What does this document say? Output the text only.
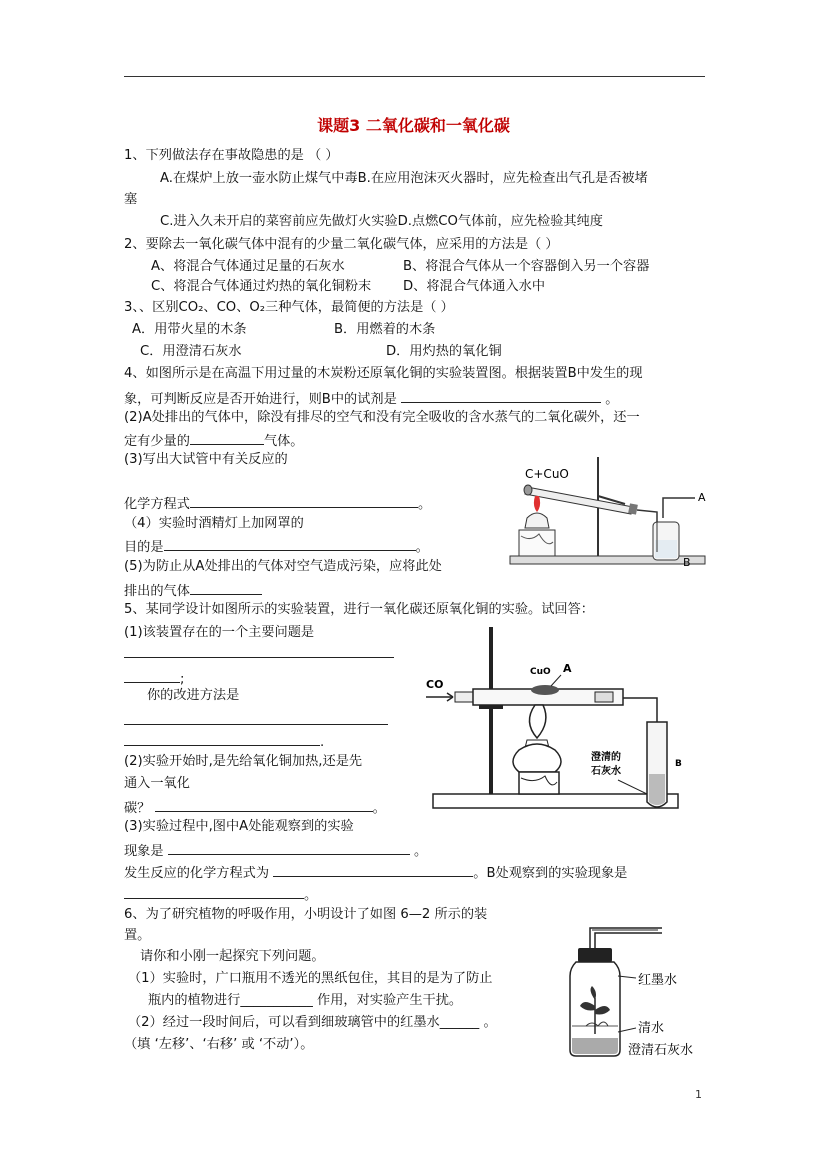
课题3 二氧化碳和一氧化碳
1、下列做法存在事故隐患的是 （ ）
A.在煤炉上放一壶水防止煤气中毒B.在应用泡沫灭火器时，应先检查出气孔是否被堵
塞
C.进入久未开启的菜窖前应先做灯火实验D.点燃CO气体前，应先检验其纯度
2、要除去一氧化碳气体中混有的少量二氧化碳气体，应采用的方法是（ ）
A、将混合气体通过足量的石灰水	B、将混合气体从一个容器倒入另一个容器
C、将混合气体通过灼热的氧化铜粉末 D、将混合气体通入水中
3、、区别CO₂、CO、O₂三种气体，最简便的方法是（ ）
A．用带火星的木条	B．用燃着的木条
C．用澄清石灰水	D．用灼热的氧化铜
4、如图所示是在高温下用过量的木炭粉还原氧化铜的实验装置图。根据装置B中发生的现
象，可判断反应是否开始进行，则B中的试剂是	。
(2)A处排出的气体中，除没有排尽的空气和没有完全吸收的含水蒸气的二氧化碳外，还一
定有少量的	气体。
(3)写出大试管中有关反应的
化学方程式	。
（4）实验时酒精灯上加网罩的
目的是	。
(5)为防止从A处排出的气体对空气造成污染，应将此处
排出的气体
C+CuO
A
B
5、某同学设计如图所示的实验装置，进行一氧化碳还原氧化铜的实验。试回答：
(1)该装置存在的一个主要问题是
;
你的改进方法是
.
(2)实验开始时,是先给氧化铜加热,还是先
通入一氧化
碳？	。
(3)实验过程中,图中A处能观察到的实验
现象是	。
发生反应的化学方程式为	。B处观察到的实验现象是
。
CO
CuO A
B
澄清的
石灰水
6、为了研究植物的呼吸作用，小明设计了如图 6—2 所示的装
置。
请你和小刚一起探究下列问题。
（1）实验时，广口瓶用不透光的黑纸包住，其目的是为了防止
瓶内的植物进行___________ 作用，对实验产生干扰。
（2）经过一段时间后，可以看到细玻璃管中的红墨水______ 。
（填 ‘左移’、‘右移’ 或 ‘不动’）。
红墨水
清水
澄清石灰水
1
